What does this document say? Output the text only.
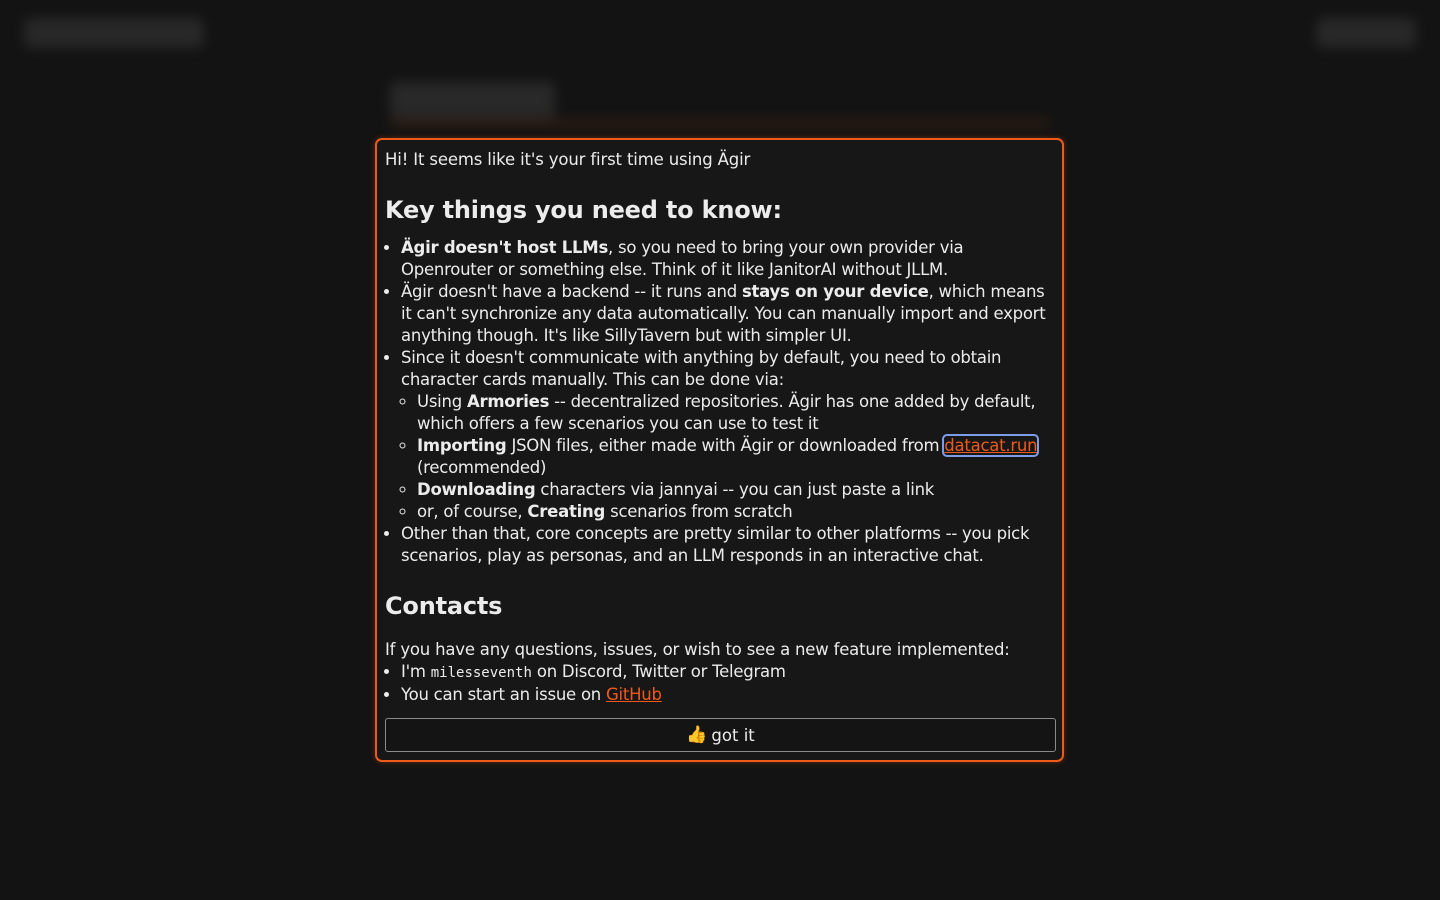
Hi! It seems like it's your first time using Ägir

Key things you need to know:
• Ägir doesn't host LLMs, so you need to bring your own provider via Openrouter or something else. Think of it like JanitorAI without JLLM.
• Ägir doesn't have a backend -- it runs and stays on your device, which means it can't synchronize any data automatically. You can manually import and export anything though. It's like SillyTavern but with simpler UI.
• Since it doesn't communicate with anything by default, you need to obtain character cards manually. This can be done via:
◦ Using Armories -- decentralized repositories. Ägir has one added by default, which offers a few scenarios you can use to test it
◦ Importing JSON files, either made with Ägir or downloaded from datacat.run (recommended)
◦ Downloading characters via jannyai -- you can just paste a link
◦ or, of course, Creating scenarios from scratch
• Other than that, core concepts are pretty similar to other platforms -- you pick scenarios, play as personas, and an LLM responds in an interactive chat.
Contacts

If you have any questions, issues, or wish to see a new feature implemented:

• I'm milesseventh on Discord, Twitter or Telegram
• You can start an issue on GitHub
👍 got it
